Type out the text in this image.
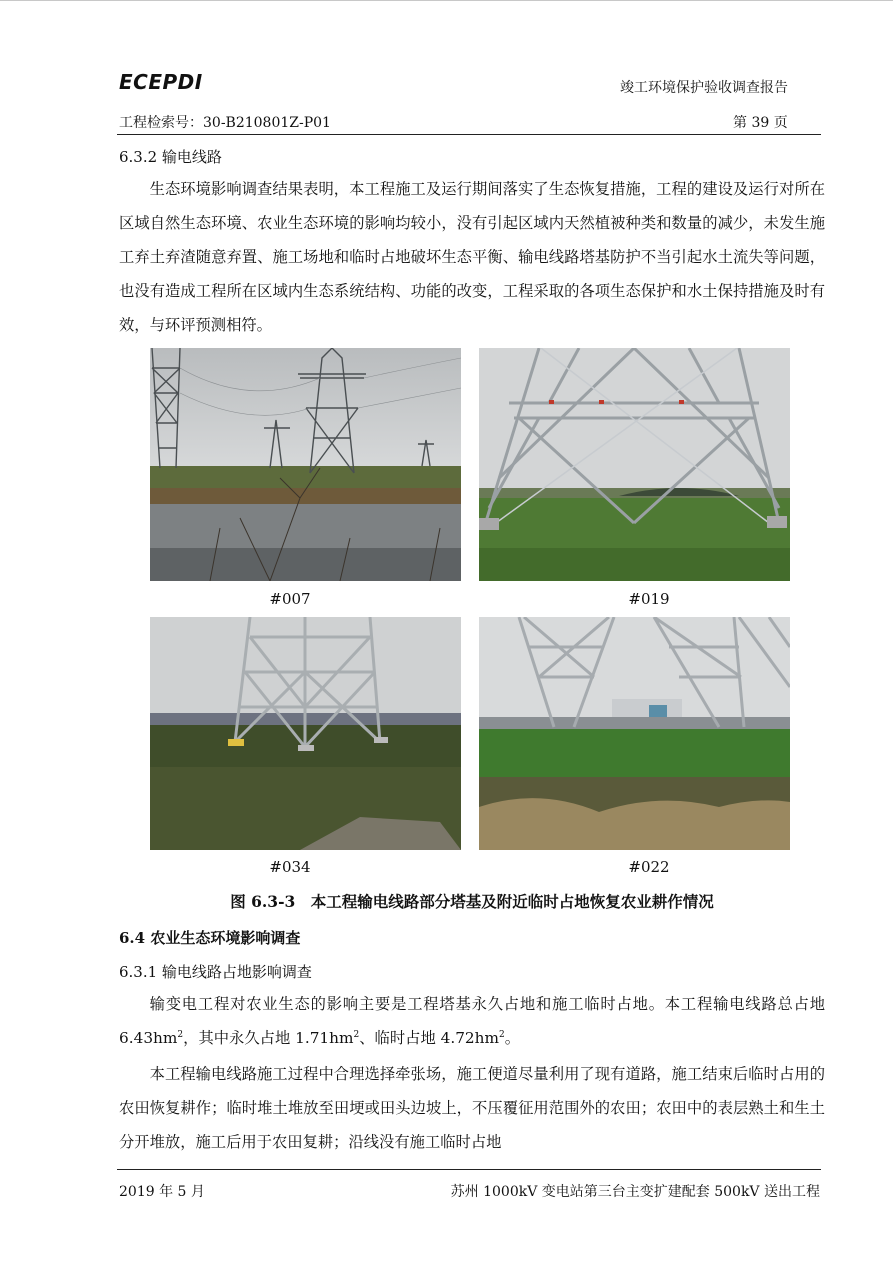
ECEPDI	竣工环境保护验收调查报告
工程检索号：30-B210801Z-P01	第 39 页
6.3.2 输电线路

生态环境影响调查结果表明，本工程施工及运行期间落实了生态恢复措施，工程的建设及运行对所在区域自然生态环境、农业生态环境的影响均较小，没有引起区域内天然植被种类和数量的减少，未发生施工弃土弃渣随意弃置、施工场地和临时占地破坏生态平衡、输电线路塔基防护不当引起水土流失等问题，也没有造成工程所在区域内生态系统结构、功能的改变，工程采取的各项生态保护和水土保持措施及时有效，与环评预测相符。

#007	#019
#034	#022
图 6.3-3　本工程输电线路部分塔基及附近临时占地恢复农业耕作情况
6.4 农业生态环境影响调查
6.3.1 输电线路占地影响调查

输变电工程对农业生态的影响主要是工程塔基永久占地和施工临时占地。本工程输电线路总占地 $6.43hm^2$，其中永久占地 $1.71hm^2$、临时占地 $4.72hm^2$。

本工程输电线路施工过程中合理选择牵张场，施工便道尽量利用了现有道路，施工结束后临时占用的农田恢复耕作；临时堆土堆放至田埂或田头边坡上，不压覆征用范围外的农田；农田中的表层熟土和生土分开堆放，施工后用于农田复耕；沿线没有施工临时占地

2019 年 5 月	苏州 1000kV 变电站第三台主变扩建配套 500kV 送出工程
